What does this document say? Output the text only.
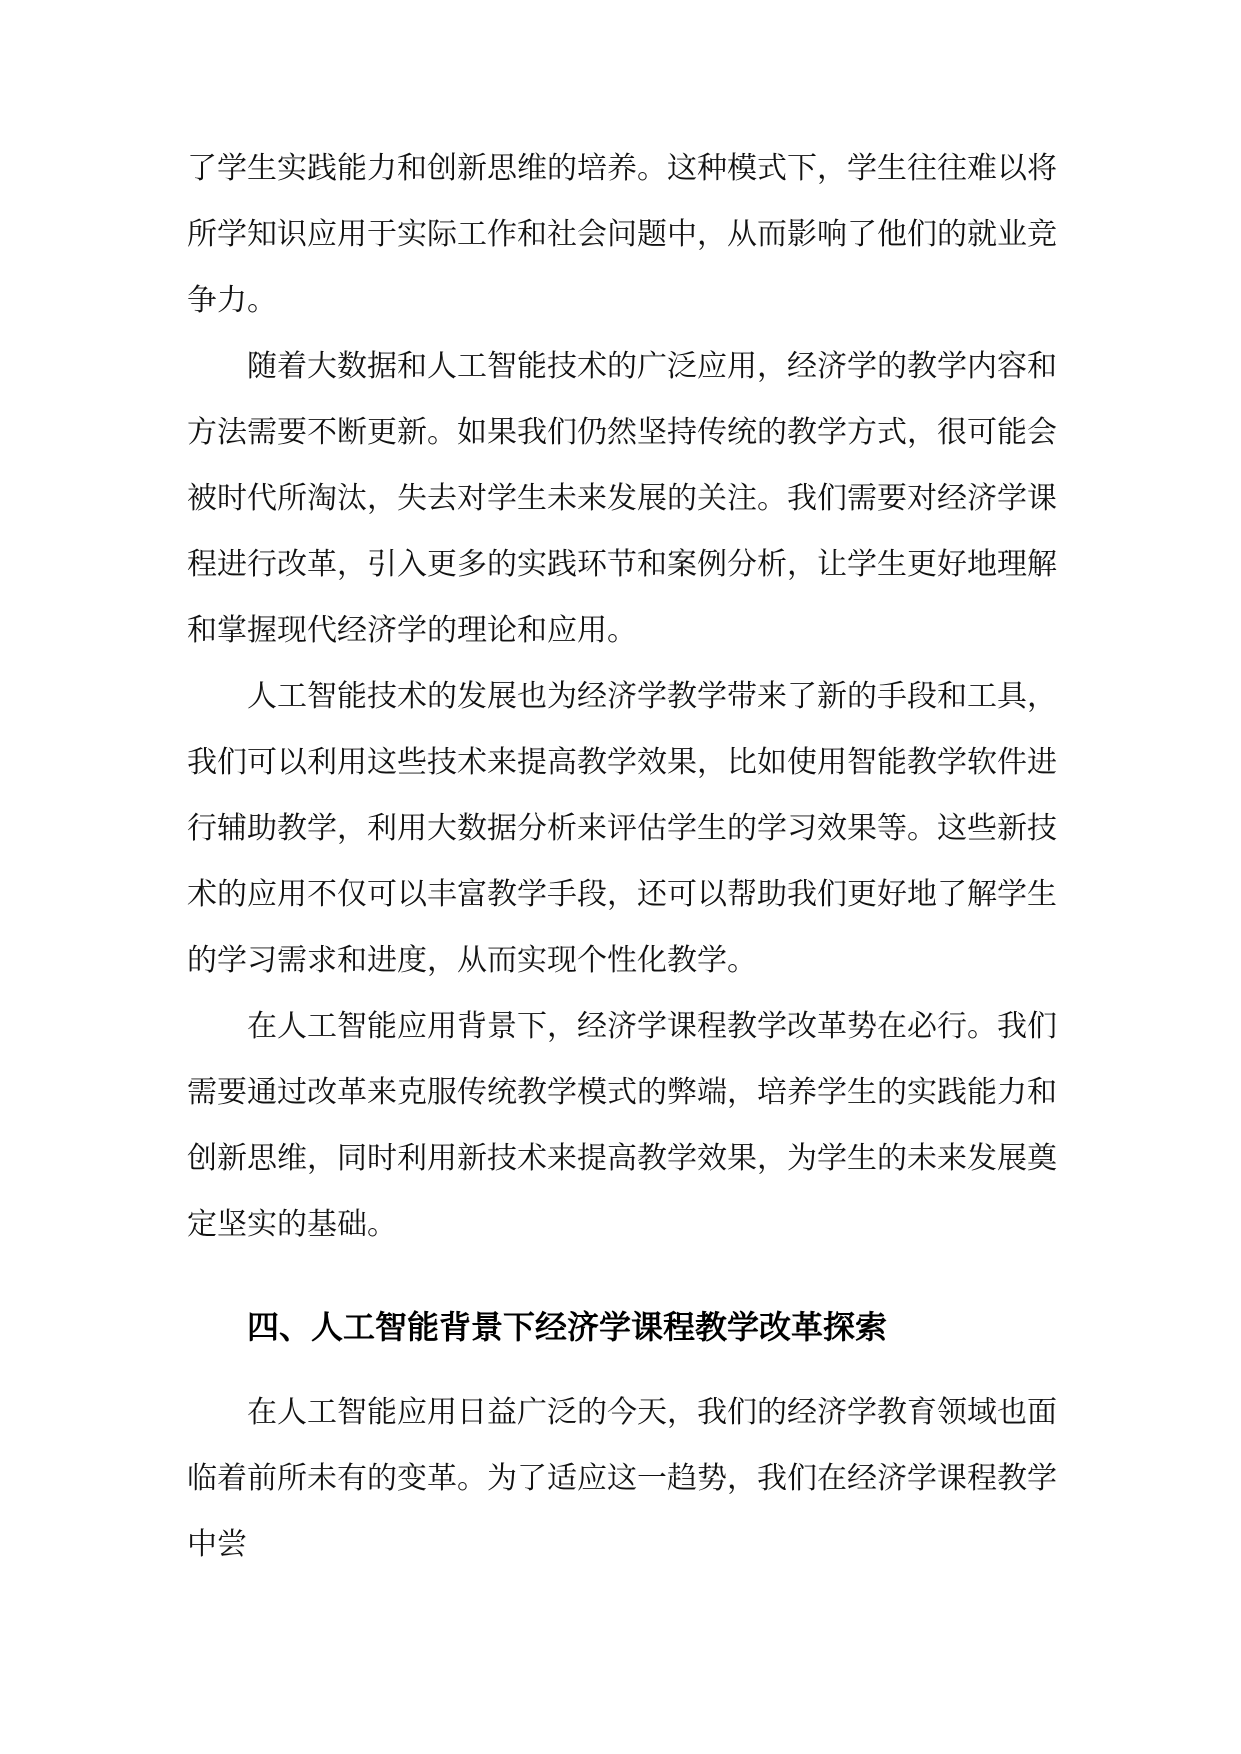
了学生实践能力和创新思维的培养。这种模式下，学生往往难以将所学知识应用于实际工作和社会问题中，从而影响了他们的就业竞争力。

随着大数据和人工智能技术的广泛应用，经济学的教学内容和方法需要不断更新。如果我们仍然坚持传统的教学方式，很可能会被时代所淘汰，失去对学生未来发展的关注。我们需要对经济学课程进行改革，引入更多的实践环节和案例分析，让学生更好地理解和掌握现代经济学的理论和应用。

人工智能技术的发展也为经济学教学带来了新的手段和工具，我们可以利用这些技术来提高教学效果，比如使用智能教学软件进行辅助教学，利用大数据分析来评估学生的学习效果等。这些新技术的应用不仅可以丰富教学手段，还可以帮助我们更好地了解学生的学习需求和进度，从而实现个性化教学。

在人工智能应用背景下，经济学课程教学改革势在必行。我们需要通过改革来克服传统教学模式的弊端，培养学生的实践能力和创新思维，同时利用新技术来提高教学效果，为学生的未来发展奠定坚实的基础。

四、人工智能背景下经济学课程教学改革探索

在人工智能应用日益广泛的今天，我们的经济学教育领域也面临着前所未有的变革。为了适应这一趋势，我们在经济学课程教学中尝
